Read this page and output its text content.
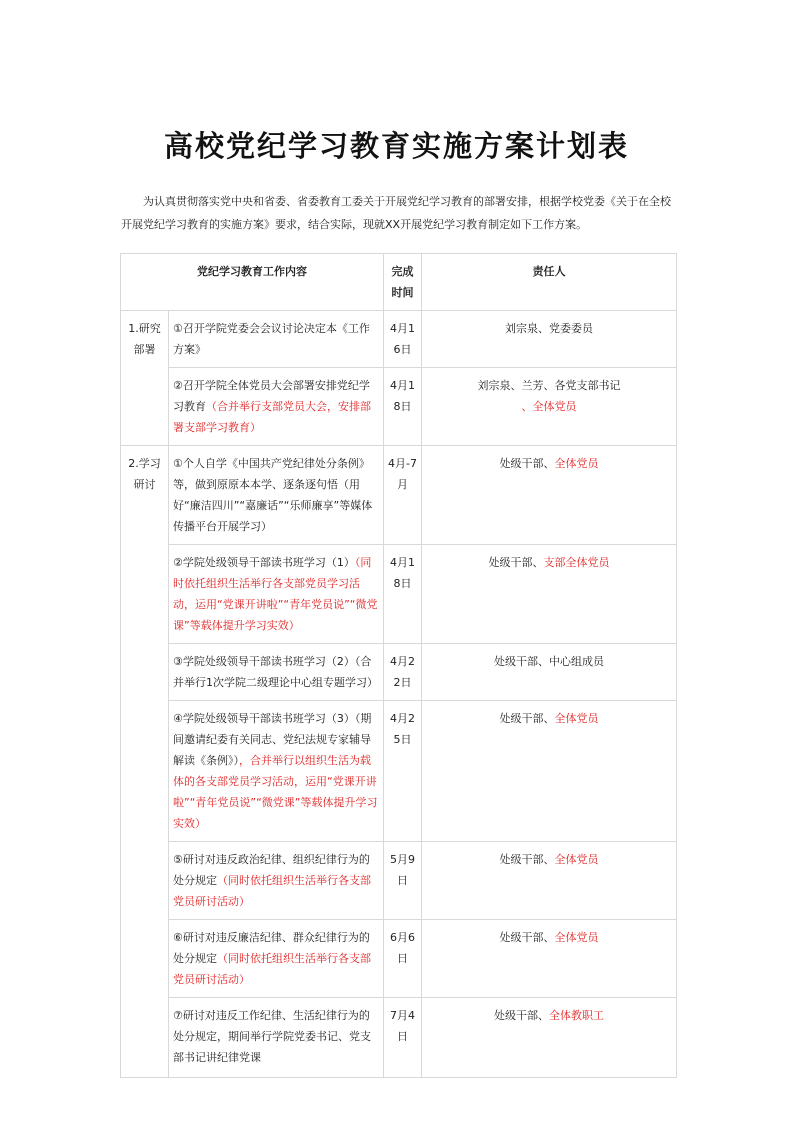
高校党纪学习教育实施方案计划表
为认真贯彻落实党中央和省委、省委教育工委关于开展党纪学习教育的部署安排，根据学校党委《关于在全校开展党纪学习教育的实施方案》要求，结合实际，现就XX开展党纪学习教育制定如下工作方案。
党纪学习教育工作内容		完成时间	责任人
1.研究部署	①召开学院党委会会议讨论决定本《工作方案》	4月16日	刘宗泉、党委委员
	②召开学院全体党员大会部署安排党纪学习教育（合并举行支部党员大会，安排部署支部学习教育）	4月18日	刘宗泉、兰芳、各党支部书记
、全体党员
2.学习研讨	①个人自学《中国共产党纪律处分条例》等，做到原原本本学、逐条逐句悟（用好“廉洁四川”“嘉廉话”“乐师廉享”等媒体传播平台开展学习）	4月-7月	处级干部、全体党员
	②学院处级领导干部读书班学习（1）（同时依托组织生活举行各支部党员学习活动，运用“党课开讲啦”“青年党员说”“微党课”等载体提升学习实效）	4月18日	处级干部、支部全体党员
	③学院处级领导干部读书班学习（2）（合并举行1次学院二级理论中心组专题学习）	4月22日	处级干部、中心组成员
	④学院处级领导干部读书班学习（3）（期间邀请纪委有关同志、党纪法规专家辅导解读《条例》），合并举行以组织生活为载体的各支部党员学习活动，运用“党课开讲啦”“青年党员说”“微党课”等载体提升学习实效）	4月25日	处级干部、全体党员
	⑤研讨对违反政治纪律、组织纪律行为的处分规定（同时依托组织生活举行各支部党员研讨活动）	5月9日	处级干部、全体党员
	⑥研讨对违反廉洁纪律、群众纪律行为的处分规定（同时依托组织生活举行各支部党员研讨活动）	6月6日	处级干部、全体党员
	⑦研讨对违反工作纪律、生活纪律行为的处分规定，期间举行学院党委书记、党支部书记讲纪律党课	7月4日	处级干部、全体教职工
